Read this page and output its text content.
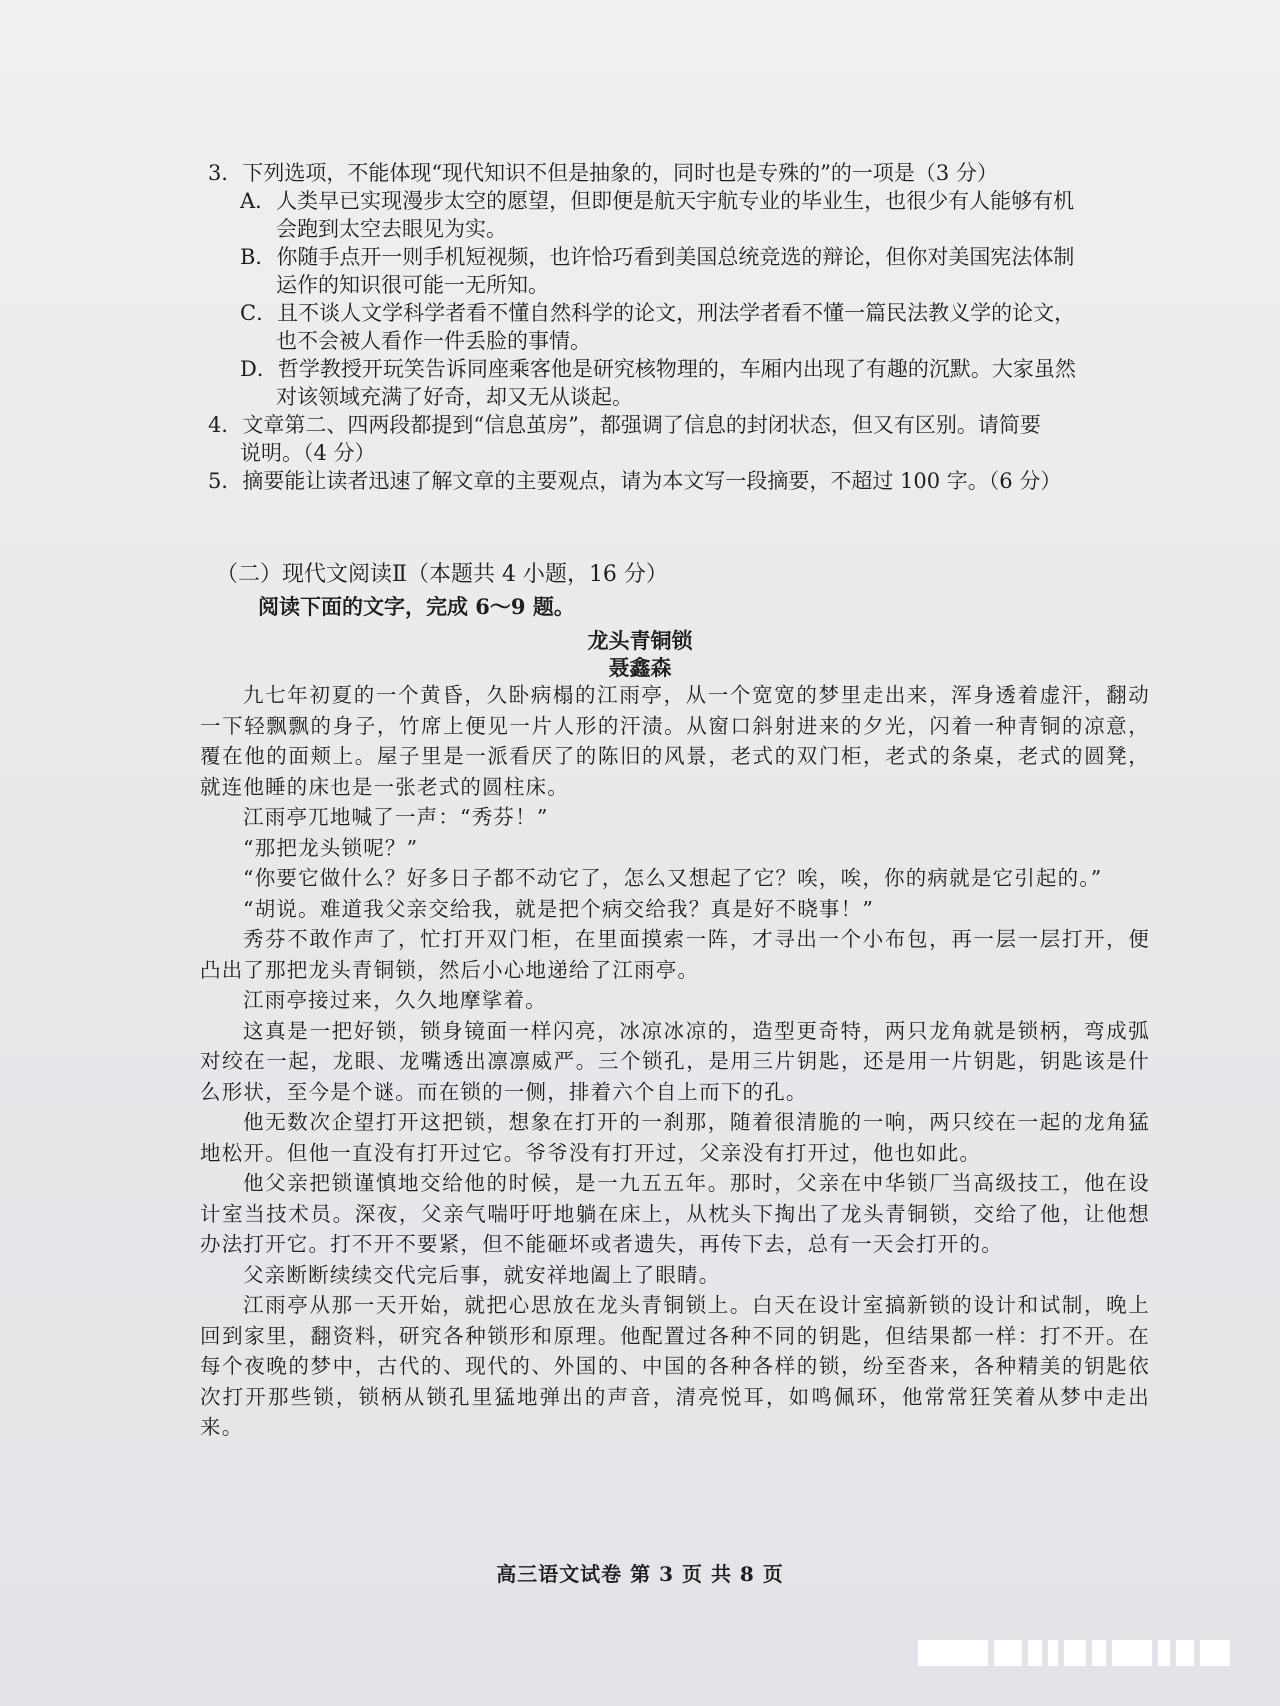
3．下列选项，不能体现“现代知识不但是抽象的，同时也是专殊的”的一项是（3 分）
A．人类早已实现漫步太空的愿望，但即便是航天宇航专业的毕业生，也很少有人能够有机
会跑到太空去眼见为实。
B．你随手点开一则手机短视频，也许恰巧看到美国总统竞选的辩论，但你对美国宪法体制
运作的知识很可能一无所知。
C．且不谈人文学科学者看不懂自然科学的论文，刑法学者看不懂一篇民法教义学的论文，
也不会被人看作一件丢脸的事情。
D．哲学教授开玩笑告诉同座乘客他是研究核物理的，车厢内出现了有趣的沉默。大家虽然
对该领域充满了好奇，却又无从谈起。
4．文章第二、四两段都提到“信息茧房”，都强调了信息的封闭状态，但又有区别。请简要
说明。（4 分）
5．摘要能让读者迅速了解文章的主要观点，请为本文写一段摘要，不超过 100 字。（6 分）
（二）现代文阅读Ⅱ（本题共 4 小题，16 分）
阅读下面的文字，完成 6～9 题。
龙头青铜锁
聂鑫森

九七年初夏的一个黄昏，久卧病榻的江雨亭，从一个宽宽的梦里走出来，浑身透着虚汗，翻动一下轻飘飘的身子，竹席上便见一片人形的汗渍。从窗口斜射进来的夕光，闪着一种青铜的凉意，覆在他的面颊上。屋子里是一派看厌了的陈旧的风景，老式的双门柜，老式的条桌，老式的圆凳，就连他睡的床也是一张老式的圆柱床。

江雨亭兀地喊了一声：“秀芬！”

“那把龙头锁呢？”

“你要它做什么？好多日子都不动它了，怎么又想起了它？唉，唉，你的病就是它引起的。”

“胡说。难道我父亲交给我，就是把个病交给我？真是好不晓事！”

秀芬不敢作声了，忙打开双门柜，在里面摸索一阵，才寻出一个小布包，再一层一层打开，便凸出了那把龙头青铜锁，然后小心地递给了江雨亭。

江雨亭接过来，久久地摩挲着。

这真是一把好锁，锁身镜面一样闪亮，冰凉冰凉的，造型更奇特，两只龙角就是锁柄，弯成弧对绞在一起，龙眼、龙嘴透出凛凛威严。三个锁孔，是用三片钥匙，还是用一片钥匙，钥匙该是什么形状，至今是个谜。而在锁的一侧，排着六个自上而下的孔。

他无数次企望打开这把锁，想象在打开的一刹那，随着很清脆的一响，两只绞在一起的龙角猛地松开。但他一直没有打开过它。爷爷没有打开过，父亲没有打开过，他也如此。

他父亲把锁谨慎地交给他的时候，是一九五五年。那时，父亲在中华锁厂当高级技工，他在设计室当技术员。深夜，父亲气喘吁吁地躺在床上，从枕头下掏出了龙头青铜锁，交给了他，让他想办法打开它。打不开不要紧，但不能砸坏或者遗失，再传下去，总有一天会打开的。

父亲断断续续交代完后事，就安祥地阖上了眼睛。

江雨亭从那一天开始，就把心思放在龙头青铜锁上。白天在设计室搞新锁的设计和试制，晚上回到家里，翻资料，研究各种锁形和原理。他配置过各种不同的钥匙，但结果都一样：打不开。在每个夜晚的梦中，古代的、现代的、外国的、中国的各种各样的锁，纷至沓来，各种精美的钥匙依次打开那些锁，锁柄从锁孔里猛地弹出的声音，清亮悦耳，如鸣佩环，他常常狂笑着从梦中走出来。

高三语文试卷 第 3 页 共 8 页
